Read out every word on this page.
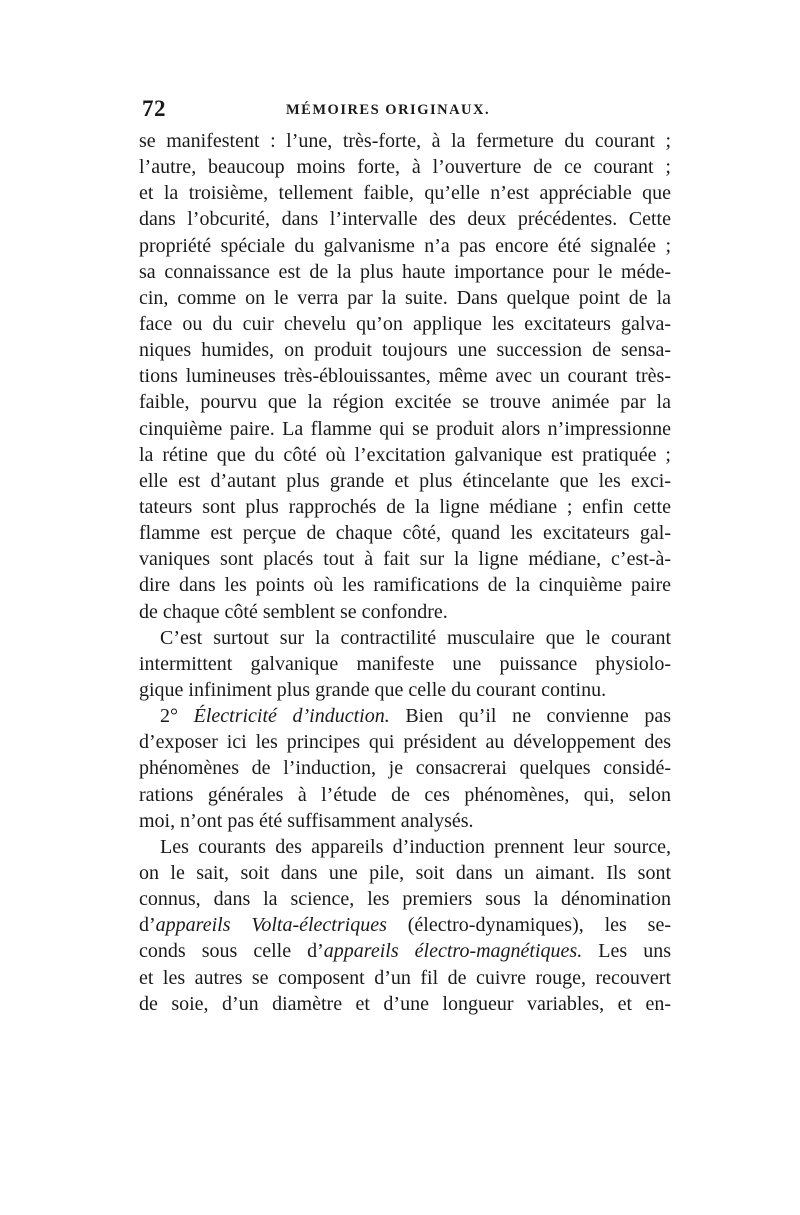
72	MÉMOIRES ORIGINAUX.
se manifestent : l’une, très-forte, à la fermeture du courant ;
l’autre, beaucoup moins forte, à l’ouverture de ce courant ;
et la troisième, tellement faible, qu’elle n’est appréciable que
dans l’obcurité, dans l’intervalle des deux précédentes. Cette
propriété spéciale du galvanisme n’a pas encore été signalée ;
sa connaissance est de la plus haute importance pour le méde-
cin, comme on le verra par la suite. Dans quelque point de la
face ou du cuir chevelu qu’on applique les excitateurs galva-
niques humides, on produit toujours une succession de sensa-
tions lumineuses très-éblouissantes, même avec un courant très-
faible, pourvu que la région excitée se trouve animée par la
cinquième paire. La flamme qui se produit alors n’impressionne
la rétine que du côté où l’excitation galvanique est pratiquée ;
elle est d’autant plus grande et plus étincelante que les exci-
tateurs sont plus rapprochés de la ligne médiane ; enfin cette
flamme est perçue de chaque côté, quand les excitateurs gal-
vaniques sont placés tout à fait sur la ligne médiane, c’est-à-
dire dans les points où les ramifications de la cinquième paire
de chaque côté semblent se confondre.
C’est surtout sur la contractilité musculaire que le courant
intermittent galvanique manifeste une puissance physiolo-
gique infiniment plus grande que celle du courant continu.
2° Électricité d’induction. Bien qu’il ne convienne pas
d’exposer ici les principes qui président au développement des
phénomènes de l’induction, je consacrerai quelques considé-
rations générales à l’étude de ces phénomènes, qui, selon
moi, n’ont pas été suffisamment analysés.
Les courants des appareils d’induction prennent leur source,
on le sait, soit dans une pile, soit dans un aimant. Ils sont
connus, dans la science, les premiers sous la dénomination
d’appareils Volta-électriques (électro-dynamiques), les se-
conds sous celle d’appareils électro-magnétiques. Les uns
et les autres se composent d’un fil de cuivre rouge, recouvert
de soie, d’un diamètre et d’une longueur variables, et en-
